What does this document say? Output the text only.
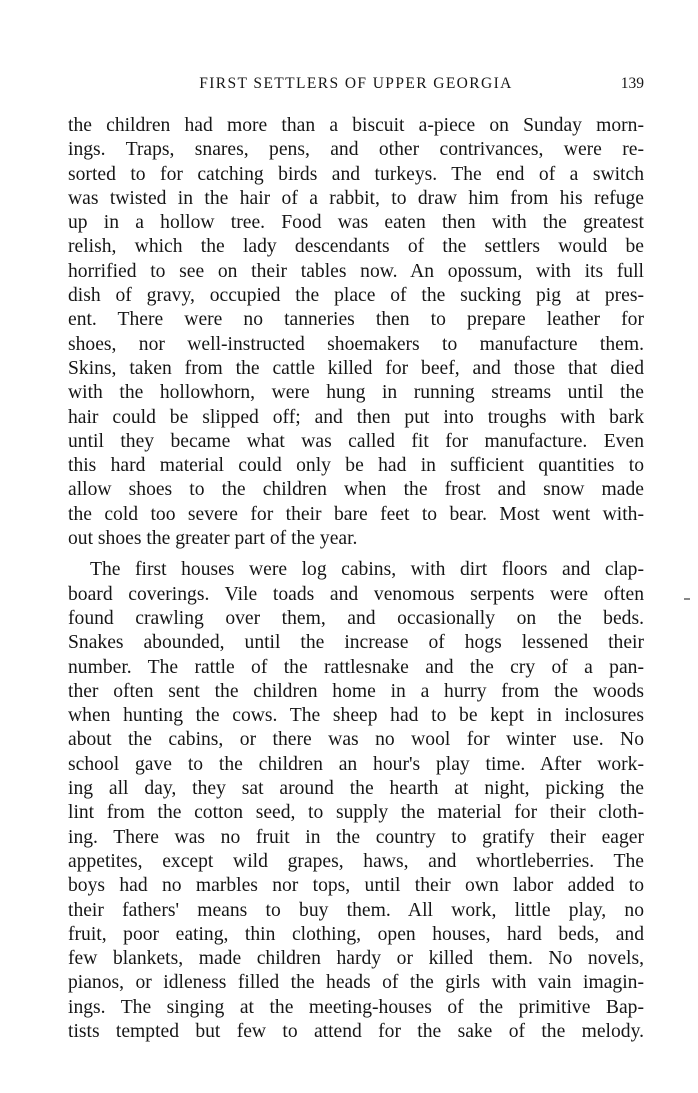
FIRST SETTLERS OF UPPER GEORGIA	139

the children had more than a biscuit a-piece on Sunday morn-
ings. Traps, snares, pens, and other contrivances, were re-
sorted to for catching birds and turkeys. The end of a switch
was twisted in the hair of a rabbit, to draw him from his refuge
up in a hollow tree. Food was eaten then with the greatest
relish, which the lady descendants of the settlers would be
horrified to see on their tables now. An opossum, with its full
dish of gravy, occupied the place of the sucking pig at pres-
ent. There were no tanneries then to prepare leather for
shoes, nor well-instructed shoemakers to manufacture them.
Skins, taken from the cattle killed for beef, and those that died
with the hollowhorn, were hung in running streams until the
hair could be slipped off; and then put into troughs with bark
until they became what was called fit for manufacture. Even
this hard material could only be had in sufficient quantities to
allow shoes to the children when the frost and snow made
the cold too severe for their bare feet to bear. Most went with-
out shoes the greater part of the year.

The first houses were log cabins, with dirt floors and clap-
board coverings. Vile toads and venomous serpents were often
found crawling over them, and occasionally on the beds.
Snakes abounded, until the increase of hogs lessened their
number. The rattle of the rattlesnake and the cry of a pan-
ther often sent the children home in a hurry from the woods
when hunting the cows. The sheep had to be kept in inclosures
about the cabins, or there was no wool for winter use. No
school gave to the children an hour's play time. After work-
ing all day, they sat around the hearth at night, picking the
lint from the cotton seed, to supply the material for their cloth-
ing. There was no fruit in the country to gratify their eager
appetites, except wild grapes, haws, and whortleberries. The
boys had no marbles nor tops, until their own labor added to
their fathers' means to buy them. All work, little play, no
fruit, poor eating, thin clothing, open houses, hard beds, and
few blankets, made children hardy or killed them. No novels,
pianos, or idleness filled the heads of the girls with vain imagin-
ings. The singing at the meeting-houses of the primitive Bap-
tists tempted but few to attend for the sake of the melody.
